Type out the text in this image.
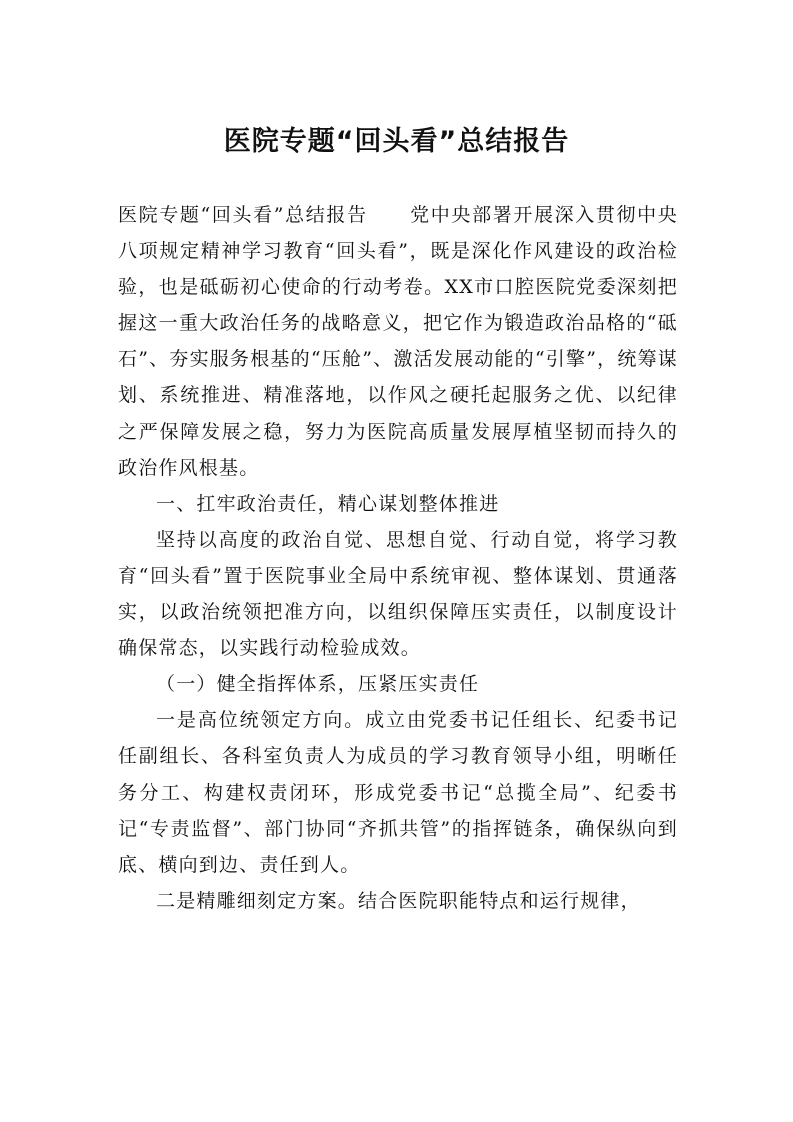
医院专题“回头看”总结报告

医院专题“回头看”总结报告 党中央部署开展深入贯彻中央八项规定精神学习教育“回头看”，既是深化作风建设的政治检验，也是砥砺初心使命的行动考卷。XX市口腔医院党委深刻把握这一重大政治任务的战略意义，把它作为锻造政治品格的“砥石”、夯实服务根基的“压舱”、激活发展动能的“引擎”，统筹谋划、系统推进、精准落地，以作风之硬托起服务之优、以纪律之严保障发展之稳，努力为医院高质量发展厚植坚韧而持久的政治作风根基。

一、扛牢政治责任，精心谋划整体推进

坚持以高度的政治自觉、思想自觉、行动自觉，将学习教育“回头看”置于医院事业全局中系统审视、整体谋划、贯通落实，以政治统领把准方向，以组织保障压实责任，以制度设计确保常态，以实践行动检验成效。

（一）健全指挥体系，压紧压实责任

一是高位统领定方向。成立由党委书记任组长、纪委书记任副组长、各科室负责人为成员的学习教育领导小组，明晰任务分工、构建权责闭环，形成党委书记“总揽全局”、纪委书记“专责监督”、部门协同“齐抓共管”的指挥链条，确保纵向到底、横向到边、责任到人。

二是精雕细刻定方案。结合医院职能特点和运行规律，
